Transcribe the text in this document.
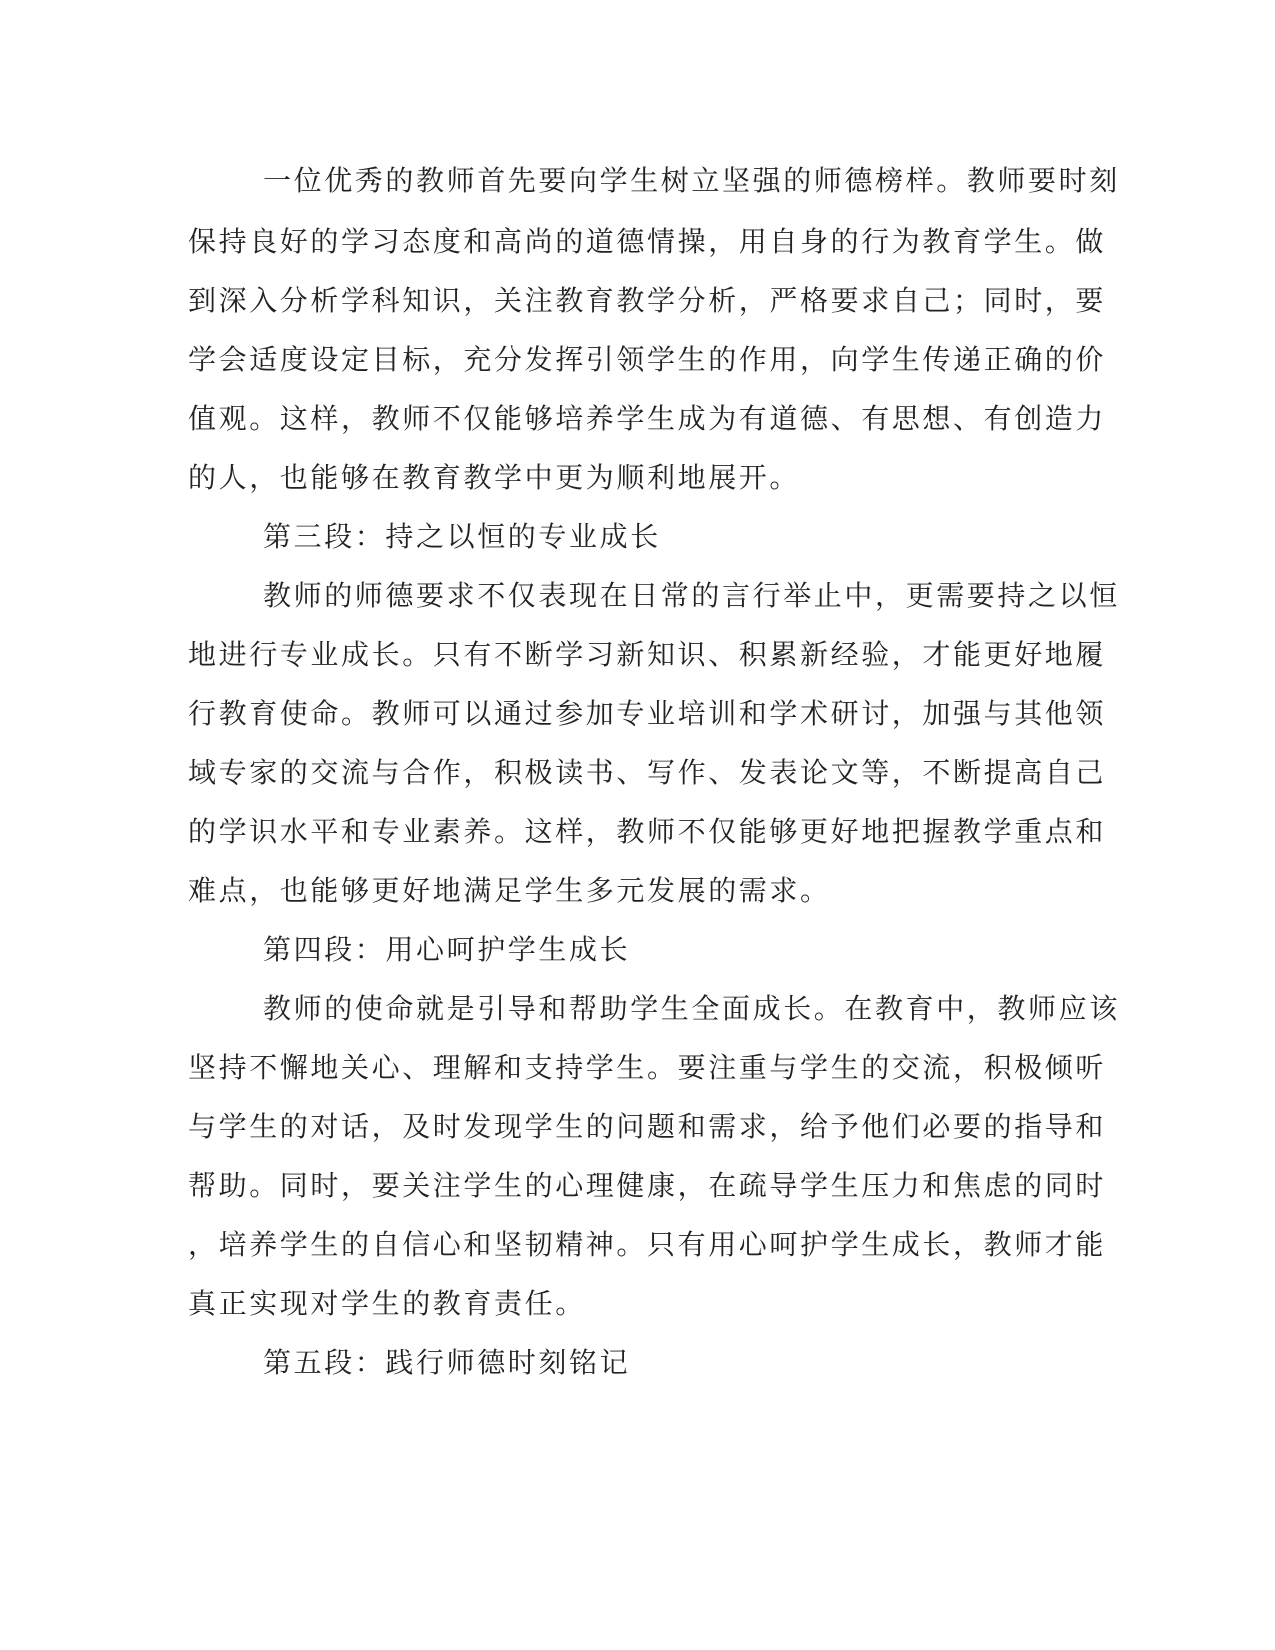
一位优秀的教师首先要向学生树立坚强的师德榜样。教师要时刻
保持良好的学习态度和高尚的道德情操，用自身的行为教育学生。做
到深入分析学科知识，关注教育教学分析，严格要求自己；同时，要
学会适度设定目标，充分发挥引领学生的作用，向学生传递正确的价
值观。这样，教师不仅能够培养学生成为有道德、有思想、有创造力
的人，也能够在教育教学中更为顺利地展开。
第三段：持之以恒的专业成长
教师的师德要求不仅表现在日常的言行举止中，更需要持之以恒
地进行专业成长。只有不断学习新知识、积累新经验，才能更好地履
行教育使命。教师可以通过参加专业培训和学术研讨，加强与其他领
域专家的交流与合作，积极读书、写作、发表论文等，不断提高自己
的学识水平和专业素养。这样，教师不仅能够更好地把握教学重点和
难点，也能够更好地满足学生多元发展的需求。
第四段：用心呵护学生成长
教师的使命就是引导和帮助学生全面成长。在教育中，教师应该
坚持不懈地关心、理解和支持学生。要注重与学生的交流，积极倾听
与学生的对话，及时发现学生的问题和需求，给予他们必要的指导和
帮助。同时，要关注学生的心理健康，在疏导学生压力和焦虑的同时
，培养学生的自信心和坚韧精神。只有用心呵护学生成长，教师才能
真正实现对学生的教育责任。
第五段：践行师德时刻铭记
